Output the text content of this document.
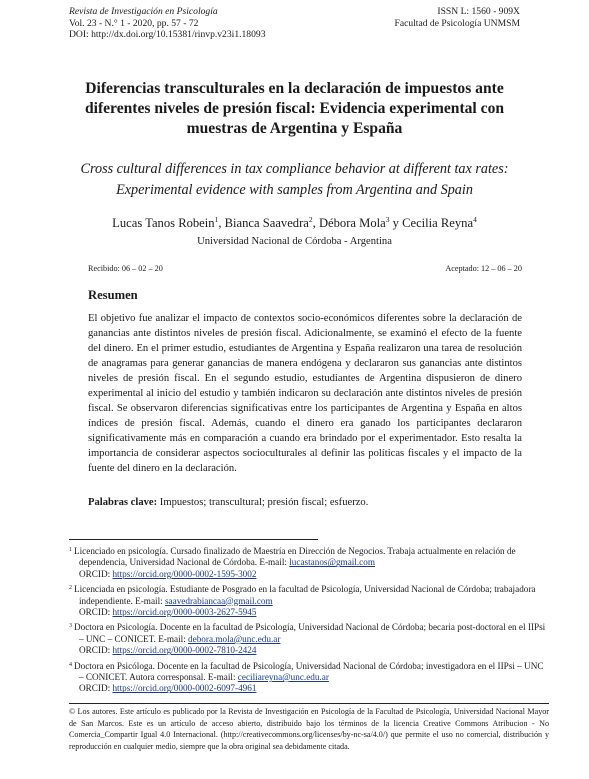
Revista de Investigación en Psicología
Vol. 23 - N.° 1 - 2020, pp. 57 - 72
DOI: http://dx.doi.org/10.15381/rinvp.v23i1.18093
ISSN L: 1560 - 909X
Facultad de Psicología UNMSM
Diferencias transculturales en la declaración de impuestos ante diferentes niveles de presión fiscal: Evidencia experimental con muestras de Argentina y España
Cross cultural differences in tax compliance behavior at different tax rates: Experimental evidence with samples from Argentina and Spain
Lucas Tanos Robein$^1$, Bianca Saavedra$^2$, Débora Mola$^3$ y Cecilia Reyna$^4$
Universidad Nacional de Córdoba - Argentina
Recibido: 06 – 02 – 20	Aceptado: 12 – 06 – 20
Resumen
El objetivo fue analizar el impacto de contextos socio-económicos diferentes sobre la declaración de ganancias ante distintos niveles de presión fiscal. Adicionalmente, se examinó el efecto de la fuente del dinero. En el primer estudio, estudiantes de Argentina y España realizaron una tarea de resolución de anagramas para generar ganancias de manera endógena y declararon sus ganancias ante distintos niveles de presión fiscal. En el segundo estudio, estudiantes de Argentina dispusieron de dinero experimental al inicio del estudio y también indicaron su declaración ante distintos niveles de presión fiscal. Se observaron diferencias significativas entre los participantes de Argentina y España en altos índices de presión fiscal. Además, cuando el dinero era ganado los participantes declararon significativamente más en comparación a cuando era brindado por el experimentador. Esto resalta la importancia de considerar aspectos socioculturales al definir las políticas fiscales y el impacto de la fuente del dinero en la declaración.
Palabras clave: Impuestos; transcultural; presión fiscal; esfuerzo.
$^1$ Licenciado en psicología. Cursado finalizado de Maestría en Dirección de Negocios. Trabaja actualmente en relación de dependencia, Universidad Nacional de Córdoba. E-mail: lucastanos@gmail.com
ORCID: https://orcid.org/0000-0002-1595-3002
$^2$ Licenciada en psicología. Estudiante de Posgrado en la facultad de Psicología, Universidad Nacional de Córdoba; trabajadora independiente. E-mail: saavedrabiancaa@gmail.com
ORCID: https://orcid.org/0000-0003-2627-5945
$^3$ Doctora en Psicología. Docente en la facultad de Psicología, Universidad Nacional de Córdoba; becaria post-doctoral en el IIPsi – UNC – CONICET. E-mail: debora.mola@unc.edu.ar
ORCID: https://orcid.org/0000-0002-7810-2424
$^4$ Doctora en Psicóloga. Docente en la facultad de Psicología, Universidad Nacional de Córdoba; investigadora en el IIPsi – UNC – CONICET. Autora corresponsal. E-mail: ceciliareyna@unc.edu.ar
ORCID: https://orcid.org/0000-0002-6097-4961
© Los autores. Este artículo es publicado por la Revista de Investigación en Psicología de la Facultad de Psicología, Universidad Nacional Mayor de San Marcos. Este es un artículo de acceso abierto, distribuido bajo los términos de la licencia Creative Commons Atribucion - No Comercia_Compartir Igual 4.0 Internacional. (http://creativecommons.org/licenses/by-nc-sa/4.0/) que permite el uso no comercial, distribución y reproducción en cualquier medio, siempre que la obra original sea debidamente citada.
